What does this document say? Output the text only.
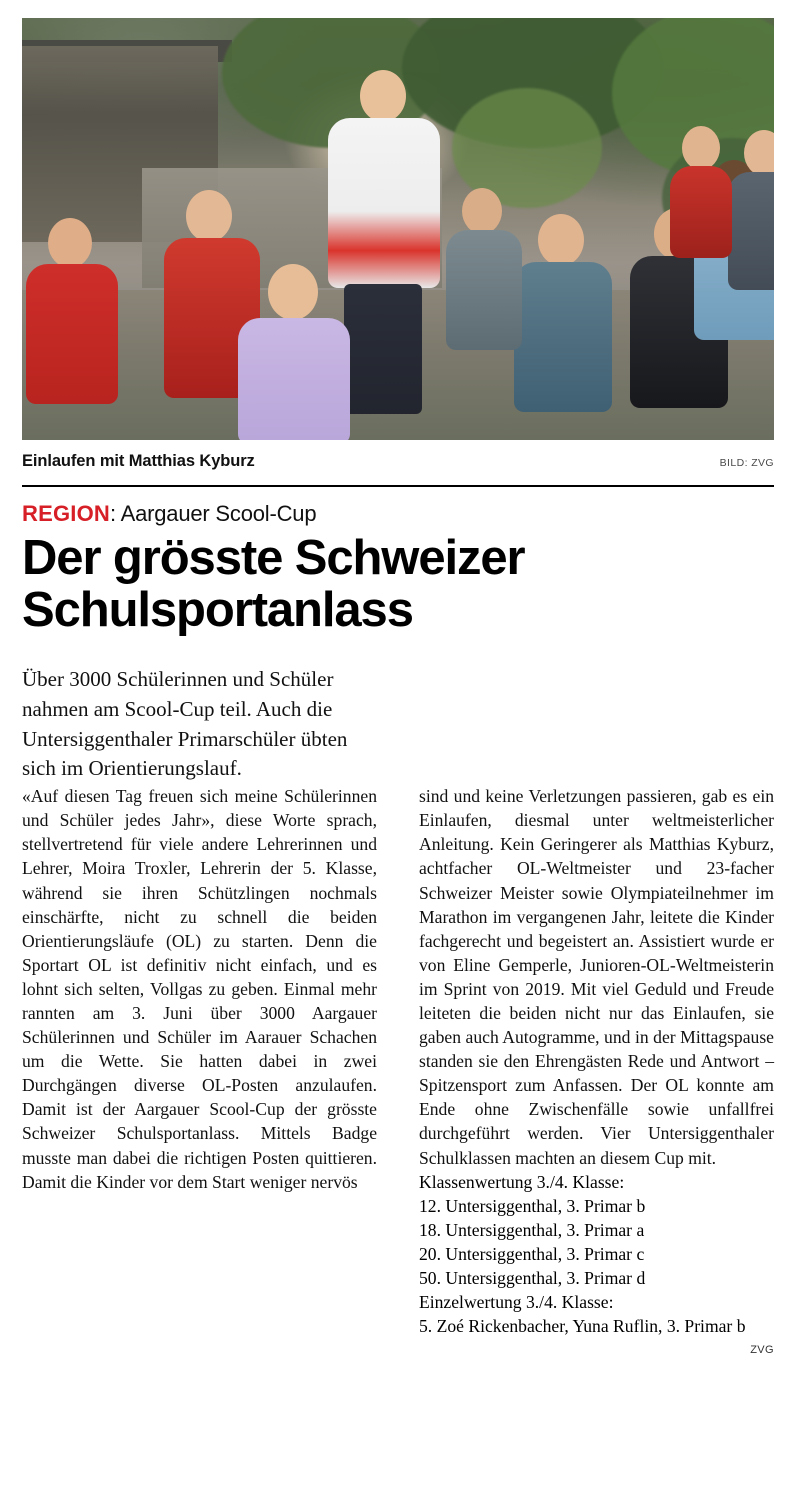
Einlaufen mit Matthias Kyburz	BILD: ZVG
REGION: Aargauer Scool-Cup
Der grösste Schweizer Schulsportanlass
Über 3000 Schülerinnen und Schüler nahmen am Scool-Cup teil. Auch die Untersiggenthaler Primarschüler übten sich im Orientierungslauf.

«Auf diesen Tag freuen sich meine Schülerinnen und Schüler jedes Jahr», diese Worte sprach, stellvertretend für viele andere Lehrerinnen und Lehrer, Moira Troxler, Lehrerin der 5. Klasse, während sie ihren Schützlingen nochmals einschärfte, nicht zu schnell die beiden Orientierungsläufe (OL) zu starten. Denn die Sportart OL ist definitiv nicht einfach, und es lohnt sich selten, Vollgas zu geben. Einmal mehr rannten am 3. Juni über 3000 Aargauer Schülerinnen und Schüler im Aarauer Schachen um die Wette. Sie hatten dabei in zwei Durchgängen diverse OL-Posten anzulaufen. Damit ist der Aargauer Scool-Cup der grösste Schweizer Schulsportanlass. Mittels Badge musste man dabei die richtigen Posten quittieren. Damit die Kinder vor dem Start weniger nervös

sind und keine Verletzungen passieren, gab es ein Einlaufen, diesmal unter weltmeisterlicher Anleitung. Kein Geringerer als Matthias Kyburz, achtfacher OL-Weltmeister und 23-facher Schweizer Meister sowie Olympiateilnehmer im Marathon im vergangenen Jahr, leitete die Kinder fachgerecht und begeistert an. Assistiert wurde er von Eline Gemperle, Junioren-OL-Weltmeisterin im Sprint von 2019. Mit viel Geduld und Freude leiteten die beiden nicht nur das Einlaufen, sie gaben auch Autogramme, und in der Mittagspause standen sie den Ehrengästen Rede und Antwort – Spitzensport zum Anfassen. Der OL konnte am Ende ohne Zwischenfälle sowie unfallfrei durchgeführt werden. Vier Untersiggenthaler Schulklassen machten an diesem Cup mit.
Klassenwertung 3./4. Klasse:
12. Untersiggenthal, 3. Primar b
18. Untersiggenthal, 3. Primar a
20. Untersiggenthal, 3. Primar c
50. Untersiggenthal, 3. Primar d
Einzelwertung 3./4. Klasse:
5. Zoé Rickenbacher, Yuna Ruflin, 3. Primar b
ZVG
